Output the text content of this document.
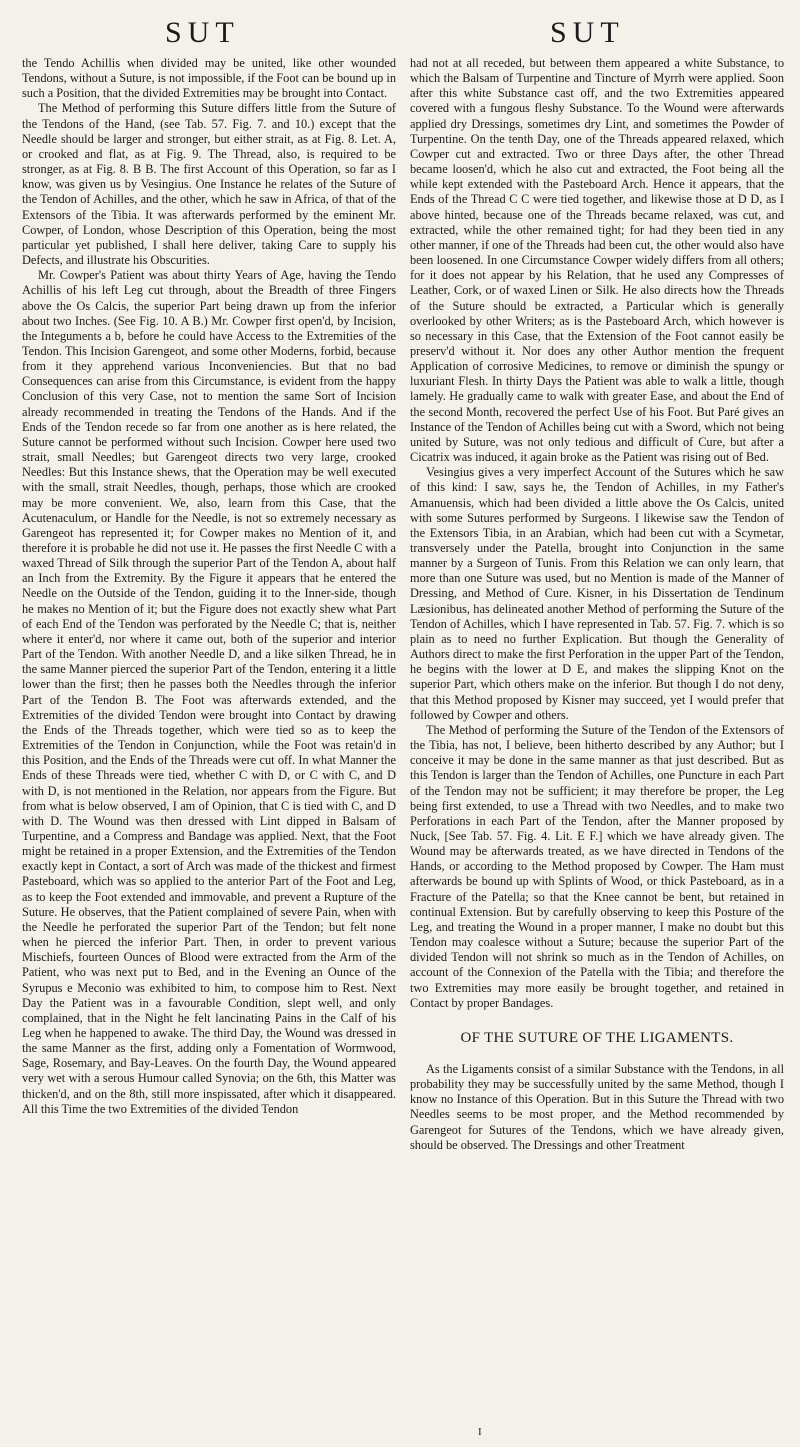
SUT	SUT

the Tendo Achillis when divided may be united, like other wounded Tendons, without a Suture, is not impossible, if the Foot can be bound up in such a Position, that the divided Extremities may be brought into Contact.

The Method of performing this Suture differs little from the Suture of the Tendons of the Hand, (see Tab. 57. Fig. 7. and 10.) except that the Needle should be larger and stronger, but either strait, as at Fig. 8. Let. A, or crooked and flat, as at Fig. 9. The Thread, also, is required to be stronger, as at Fig. 8. B B. The first Account of this Operation, so far as I know, was given us by Vesingius. One Instance he relates of the Suture of the Tendon of Achilles, and the other, which he saw in Africa, of that of the Extensors of the Tibia. It was afterwards performed by the eminent Mr. Cowper, of London, whose Description of this Operation, being the most particular yet published, I shall here deliver, taking Care to supply his Defects, and illustrate his Obscurities.

Mr. Cowper's Patient was about thirty Years of Age, having the Tendo Achillis of his left Leg cut through, about the Breadth of three Fingers above the Os Calcis, the superior Part being drawn up from the inferior about two Inches. (See Fig. 10. A B.) Mr. Cowper first open'd, by Incision, the Integuments a b, before he could have Access to the Extremities of the Tendon. This Incision Garengeot, and some other Moderns, forbid, because from it they apprehend various Inconveniencies. But that no bad Consequences can arise from this Circumstance, is evident from the happy Conclusion of this very Case, not to mention the same Sort of Incision already recommended in treating the Tendons of the Hands. And if the Ends of the Tendon recede so far from one another as is here related, the Suture cannot be performed without such Incision. Cowper here used two strait, small Needles; but Garengeot directs two very large, crooked Needles: But this Instance shews, that the Operation may be well executed with the small, strait Needles, though, perhaps, those which are crooked may be more convenient. We, also, learn from this Case, that the Acutenaculum, or Handle for the Needle, is not so extremely necessary as Garengeot has represented it; for Cowper makes no Mention of it, and therefore it is probable he did not use it. He passes the first Needle C with a waxed Thread of Silk through the superior Part of the Tendon A, about half an Inch from the Extremity. By the Figure it appears that he entered the Needle on the Outside of the Tendon, guiding it to the Inner-side, though he makes no Mention of it; but the Figure does not exactly shew what Part of each End of the Tendon was perforated by the Needle C; that is, neither where it enter'd, nor where it came out, both of the superior and interior Part of the Tendon. With another Needle D, and a like silken Thread, he in the same Manner pierced the superior Part of the Tendon, entering it a little lower than the first; then he passes both the Needles through the inferior Part of the Tendon B. The Foot was afterwards extended, and the Extremities of the divided Tendon were brought into Contact by drawing the Ends of the Threads together, which were tied so as to keep the Extremities of the Tendon in Conjunction, while the Foot was retain'd in this Position, and the Ends of the Threads were cut off. In what Manner the Ends of these Threads were tied, whether C with D, or C with C, and D with D, is not mentioned in the Relation, nor appears from the Figure. But from what is below observed, I am of Opinion, that C is tied with C, and D with D. The Wound was then dressed with Lint dipped in Balsam of Turpentine, and a Compress and Bandage was applied. Next, that the Foot might be retained in a proper Extension, and the Extremities of the Tendon exactly kept in Contact, a sort of Arch was made of the thickest and firmest Pasteboard, which was so applied to the anterior Part of the Foot and Leg, as to keep the Foot extended and immovable, and prevent a Rupture of the Suture. He observes, that the Patient complained of severe Pain, when with the Needle he perforated the superior Part of the Tendon; but felt none when he pierced the inferior Part. Then, in order to prevent various Mischiefs, fourteen Ounces of Blood were extracted from the Arm of the Patient, who was next put to Bed, and in the Evening an Ounce of the Syrupus e Meconio was exhibited to him, to compose him to Rest. Next Day the Patient was in a favourable Condition, slept well, and only complained, that in the Night he felt lancinating Pains in the Calf of his Leg when he happened to awake. The third Day, the Wound was dressed in the same Manner as the first, adding only a Fomentation of Wormwood, Sage, Rosemary, and Bay-Leaves. On the fourth Day, the Wound appeared very wet with a serous Humour called Synovia; on the 6th, this Matter was thicken'd, and on the 8th, still more inspissated, after which it disappeared. All this Time the two Extremities of the divided Tendon

had not at all receded, but between them appeared a white Substance, to which the Balsam of Turpentine and Tincture of Myrrh were applied. Soon after this white Substance cast off, and the two Extremities appeared covered with a fungous fleshy Substance. To the Wound were afterwards applied dry Dressings, sometimes dry Lint, and sometimes the Powder of Turpentine. On the tenth Day, one of the Threads appeared relaxed, which Cowper cut and extracted. Two or three Days after, the other Thread became loosen'd, which he also cut and extracted, the Foot being all the while kept extended with the Pasteboard Arch. Hence it appears, that the Ends of the Thread C C were tied together, and likewise those at D D, as I above hinted, because one of the Threads became relaxed, was cut, and extracted, while the other remained tight; for had they been tied in any other manner, if one of the Threads had been cut, the other would also have been loosened. In one Circumstance Cowper widely differs from all others; for it does not appear by his Relation, that he used any Compresses of Leather, Cork, or of waxed Linen or Silk. He also directs how the Threads of the Suture should be extracted, a Particular which is generally overlooked by other Writers; as is the Pasteboard Arch, which however is so necessary in this Case, that the Extension of the Foot cannot easily be preserv'd without it. Nor does any other Author mention the frequent Application of corrosive Medicines, to remove or diminish the spungy or luxuriant Flesh. In thirty Days the Patient was able to walk a little, though lamely. He gradually came to walk with greater Ease, and about the End of the second Month, recovered the perfect Use of his Foot. But Paré gives an Instance of the Tendon of Achilles being cut with a Sword, which not being united by Suture, was not only tedious and difficult of Cure, but after a Cicatrix was induced, it again broke as the Patient was rising out of Bed.

Vesingius gives a very imperfect Account of the Sutures which he saw of this kind: I saw, says he, the Tendon of Achilles, in my Father's Amanuensis, which had been divided a little above the Os Calcis, united with some Sutures performed by Surgeons. I likewise saw the Tendon of the Extensors Tibia, in an Arabian, which had been cut with a Scymetar, transversely under the Patella, brought into Conjunction in the same manner by a Surgeon of Tunis. From this Relation we can only learn, that more than one Suture was used, but no Mention is made of the Manner of Dressing, and Method of Cure. Kisner, in his Dissertation de Tendinum Læsionibus, has delineated another Method of performing the Suture of the Tendon of Achilles, which I have represented in Tab. 57. Fig. 7. which is so plain as to need no further Explication. But though the Generality of Authors direct to make the first Perforation in the upper Part of the Tendon, he begins with the lower at D E, and makes the slipping Knot on the superior Part, which others make on the inferior. But though I do not deny, that this Method proposed by Kisner may succeed, yet I would prefer that followed by Cowper and others.

The Method of performing the Suture of the Tendon of the Extensors of the Tibia, has not, I believe, been hitherto described by any Author; but I conceive it may be done in the same manner as that just described. But as this Tendon is larger than the Tendon of Achilles, one Puncture in each Part of the Tendon may not be sufficient; it may therefore be proper, the Leg being first extended, to use a Thread with two Needles, and to make two Perforations in each Part of the Tendon, after the Manner proposed by Nuck, [See Tab. 57. Fig. 4. Lit. E F.] which we have already given. The Wound may be afterwards treated, as we have directed in Tendons of the Hands, or according to the Method proposed by Cowper. The Ham must afterwards be bound up with Splints of Wood, or thick Pasteboard, as in a Fracture of the Patella; so that the Knee cannot be bent, but retained in continual Extension. But by carefully observing to keep this Posture of the Leg, and treating the Wound in a proper manner, I make no doubt but this Tendon may coalesce without a Suture; because the superior Part of the divided Tendon will not shrink so much as in the Tendon of Achilles, on account of the Connexion of the Patella with the Tibia; and therefore the two Extremities may more easily be brought together, and retained in Contact by proper Bandages.

OF THE SUTURE OF THE LIGAMENTS.

As the Ligaments consist of a similar Substance with the Tendons, in all probability they may be successfully united by the same Method, though I know no Instance of this Operation. But in this Suture the Thread with two Needles seems to be most proper, and the Method recommended by Garengeot for Sutures of the Tendons, which we have already given, should be observed. The Dressings and other Treatment

I
